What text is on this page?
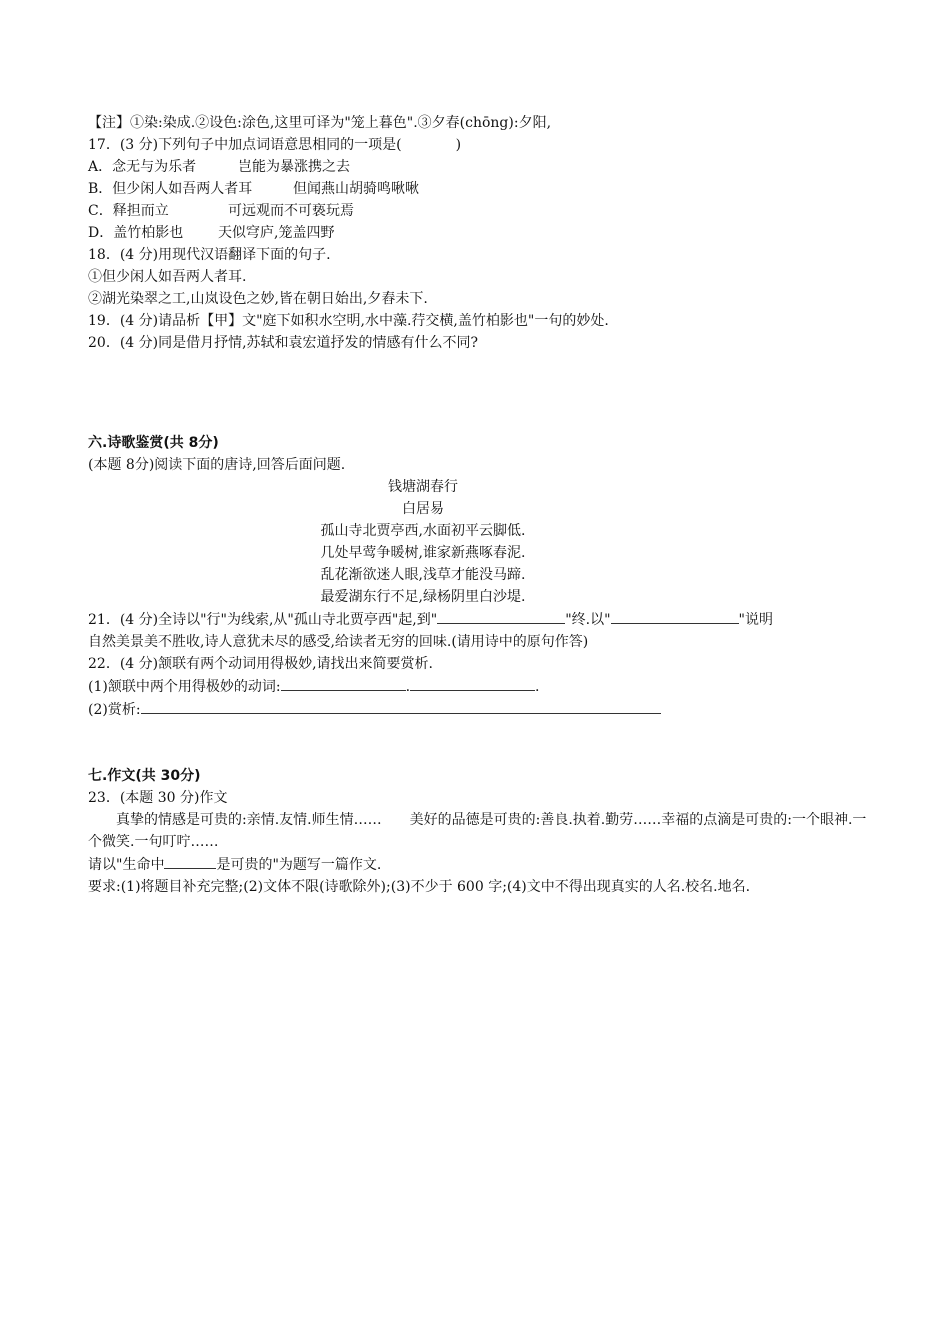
【注】①染:染成.②设色:涂色,这里可译为"笼上暮色".③夕春(chōng):夕阳,
17．(3 分)下列句子中加点词语意思相同的一项是(	)
A．念无与为乐者	岂能为暴涨携之去
B．但少闲人如吾两人者耳	但闻燕山胡骑鸣啾啾
C．释担而立	可远观而不可亵玩焉
D．盖竹柏影也 天似穹庐,笼盖四野
18．(4 分)用现代汉语翻译下面的句子.
①但少闲人如吾两人者耳.
②湖光染翠之工,山岚设色之妙,皆在朝日始出,夕舂未下.
19．(4 分)请品析【甲】文"庭下如积水空明,水中藻.荇交横,盖竹柏影也"一句的妙处.
20．(4 分)同是借月抒情,苏轼和袁宏道抒发的情感有什么不同?
六.诗歌鉴赏(共 8分)
(本题 8分)阅读下面的唐诗,回答后面问题.
钱塘湖春行
白居易
孤山寺北贾亭西,水面初平云脚低.
几处早莺争暖树,谁家新燕啄春泥.
乱花渐欲迷人眼,浅草才能没马蹄.
最爱湖东行不足,绿杨阴里白沙堤.
21．(4 分)全诗以"行"为线索,从"孤山寺北贾亭西"起,到"	"终.以"	"说明
自然美景美不胜收,诗人意犹未尽的感受,给读者无穷的回味.(请用诗中的原句作答)
22．(4 分)颔联有两个动词用得极妙,请找出来简要赏析.
(1)颔联中两个用得极妙的动词:	.	.
(2)赏析:
七.作文(共 30分)
23．(本题 30 分)作文
真挚的情感是可贵的:亲情.友情.师生情……　　美好的品德是可贵的:善良.执着.勤劳……幸福的点滴是可贵的:一个眼神.一个微笑.一句叮咛……
请以"生命中	是可贵的"为题写一篇作文.
要求:(1)将题目补充完整;(2)文体不限(诗歌除外);(3)不少于 600 字;(4)文中不得出现真实的人名.校名.地名.
